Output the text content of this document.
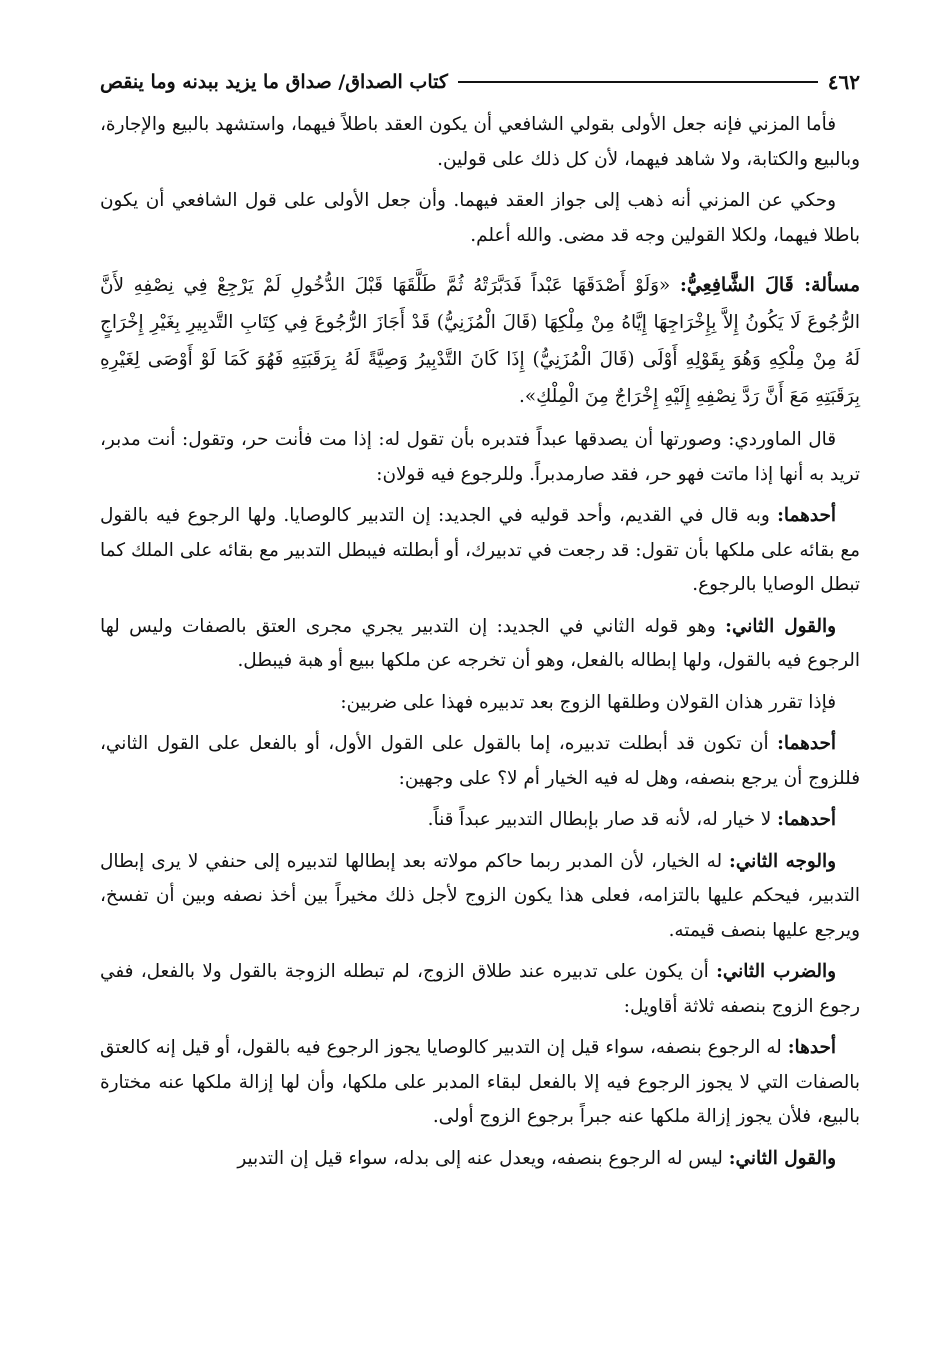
٤٦٢
كتاب الصداق/ صداق ما يزيد ببدنه وما ينقص

فأما المزني فإنه جعل الأولى بقولي الشافعي أن يكون العقد باطلاً فيهما، واستشهد بالبيع والإجارة، وبالبيع والكتابة، ولا شاهد فيهما، لأن كل ذلك على قولين.

وحكي عن المزني أنه ذهب إلى جواز العقد فيهما. وأن جعل الأولى على قول الشافعي أن يكون باطلا فيهما، ولكلا القولين وجه قد مضى. والله أعلم.

مسألة: قَالَ الشَّافِعِيُّ: «وَلَوْ أَصْدَقَهَا عَبْداً فَدَبَّرَتْهُ ثُمَّ طَلَّقَهَا قَبْلَ الدُّخُولِ لَمْ يَرْجِعْ فِي نِصْفِهِ لأَنَّ الرُّجُوعَ لَا يَكُونُ إِلاَّ بِإِخْرَاجِهَا إِيَّاهُ مِنْ مِلْكِهَا (قَالَ الْمُزَنِيُّ) قَدْ أَجَازَ الرُّجُوعَ فِي كِتَابِ التَّدبِيرِ بِغَيْرِ إِخْرَاجٍ لَهُ مِنْ مِلْكِهِ وَهُوَ بِقَوْلِهِ أَوْلَى (قَالَ الْمُزَنِيُّ) إِذَا كَانَ التَّدْبِيرُ وَصِيَّةً لَهُ بِرَقَبَتِهِ فَهُوَ كَمَا لَوْ أَوْصَى لِغَيْرِهِ بِرَقَبَتِهِ مَعَ أَنَّ رَدَّ نِصْفِهِ إِلَيْهِ إِخْرَاجٌ مِنَ الْمِلْكِ».

قال الماوردي: وصورتها أن يصدقها عبداً فتدبره بأن تقول له: إذا مت فأنت حر، وتقول: أنت مدبر، تريد به أنها إذا ماتت فهو حر، فقد صارمدبراً. وللرجوع فيه قولان:

أحدهما: وبه قال في القديم، وأحد قوليه في الجديد: إن التدبير كالوصايا. ولها الرجوع فيه بالقول مع بقائه على ملكها بأن تقول: قد رجعت في تدبيرك، أو أبطلته فيبطل التدبير مع بقائه على الملك كما تبطل الوصايا بالرجوع.

والقول الثاني: وهو قوله الثاني في الجديد: إن التدبير يجري مجرى العتق بالصفات وليس لها الرجوع فيه بالقول، ولها إبطاله بالفعل، وهو أن تخرجه عن ملكها ببيع أو هبة فيبطل.

فإذا تقرر هذان القولان وطلقها الزوج بعد تدبيره فهذا على ضربين:

أحدهما: أن تكون قد أبطلت تدبيره، إما بالقول على القول الأول، أو بالفعل على القول الثاني، فللزوج أن يرجع بنصفه، وهل له فيه الخيار أم لا؟ على وجهين:

أحدهما: لا خيار له، لأنه قد صار بإبطال التدبير عبداً قناً.

والوجه الثاني: له الخيار، لأن المدبر ربما حاكم مولاته بعد إبطالها لتدبيره إلى حنفي لا يرى إبطال التدبير، فيحكم عليها بالتزامه، فعلى هذا يكون الزوج لأجل ذلك مخيراً بين أخذ نصفه وبين أن تفسخ، ويرجع عليها بنصف قيمته.

والضرب الثاني: أن يكون على تدبيره عند طلاق الزوج، لم تبطله الزوجة بالقول ولا بالفعل، ففي رجوع الزوج بنصفه ثلاثة أقاويل:

أحدها: له الرجوع بنصفه، سواء قيل إن التدبير كالوصايا يجوز الرجوع فيه بالقول، أو قيل إنه كالعتق بالصفات التي لا يجوز الرجوع فيه إلا بالفعل لبقاء المدبر على ملكها، وأن لها إزالة ملكها عنه مختارة بالبيع، فلأن يجوز إزالة ملكها عنه جبراً برجوع الزوج أولى.

والقول الثاني: ليس له الرجوع بنصفه، ويعدل عنه إلى بدله، سواء قيل إن التدبير
